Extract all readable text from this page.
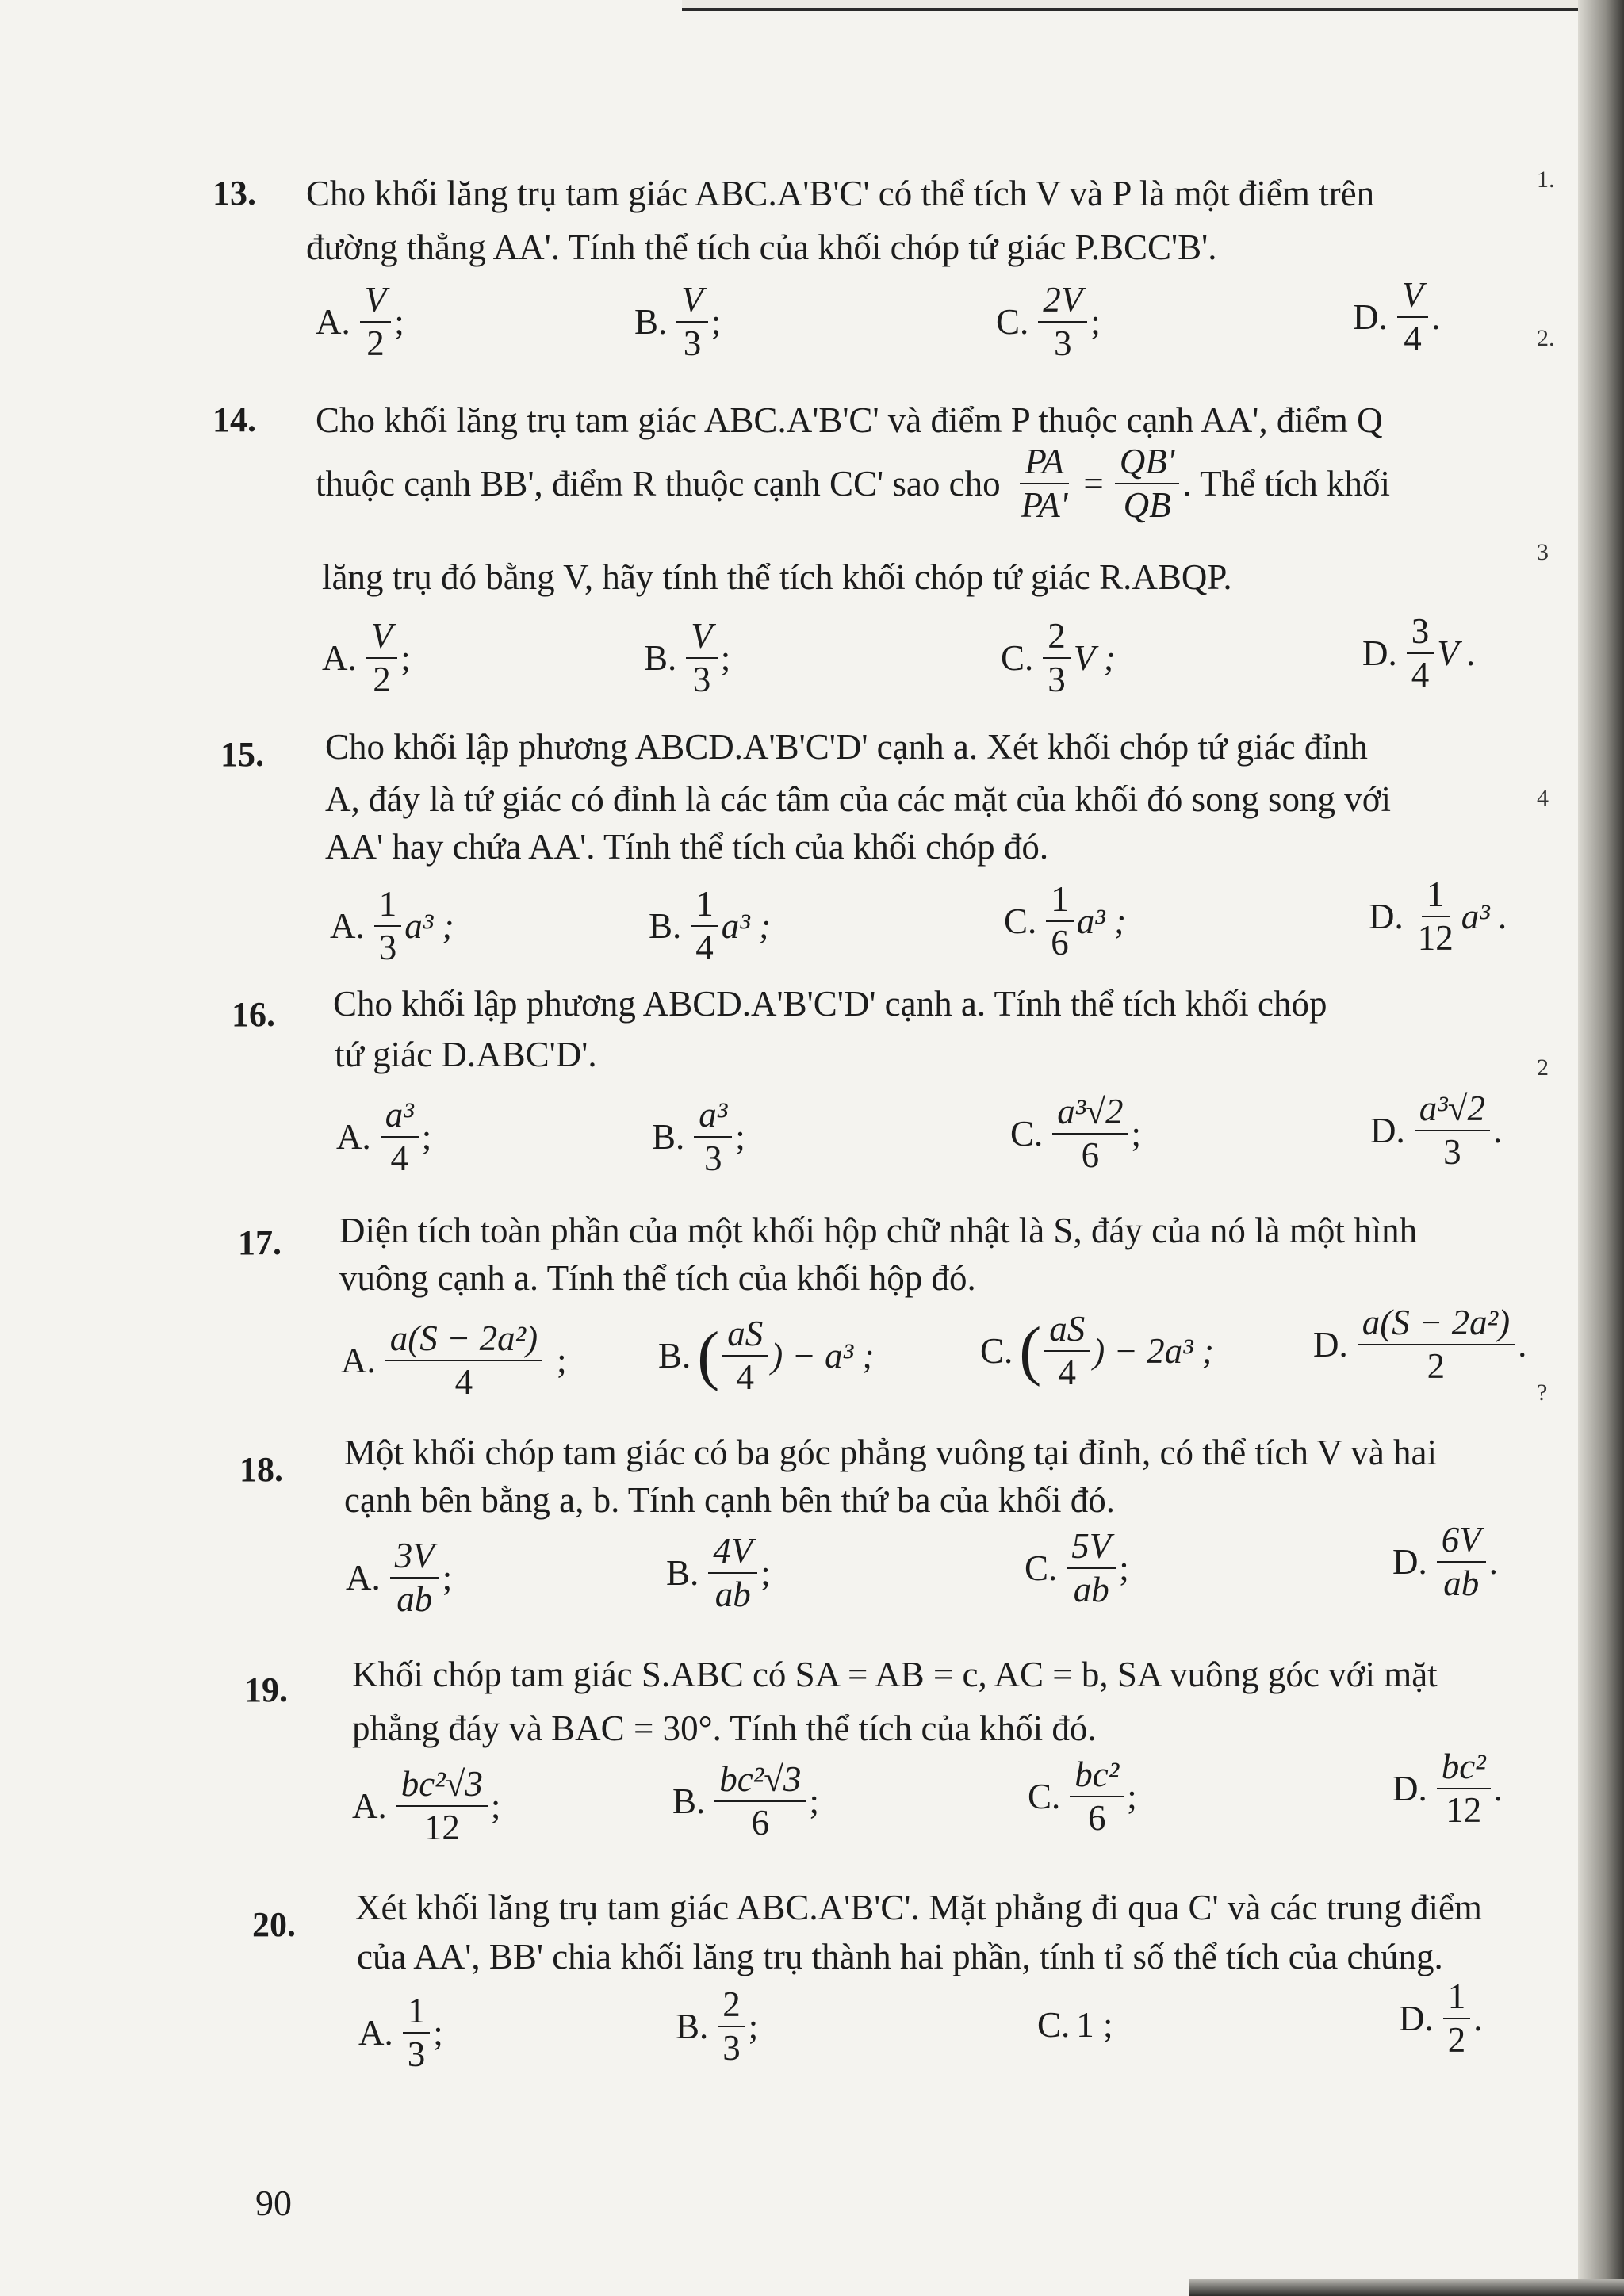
1.
2.
3
4
2
?
13. Cho khối lăng trụ tam giác ABC.A'B'C' có thể tích V và P là một điểm trên
đường thẳng AA'. Tính thể tích của khối chóp tứ giác P.BCC'B'.
A. $\frac{V}{2}$ ;	B. $\frac{V}{3}$ ;	C. $\frac{2V}{3}$ ;	D. $\frac{V}{4}$ .
14. Cho khối lăng trụ tam giác ABC.A'B'C' và điểm P thuộc cạnh AA', điểm Q
thuộc cạnh BB', điểm R thuộc cạnh CC' sao cho $\frac{PA}{PA'} = \frac{QB'}{QB}$ . Thể tích khối
lăng trụ đó bằng V, hãy tính thể tích khối chóp tứ giác R.ABQP.
A. $\frac{V}{2}$ ;	B. $\frac{V}{3}$ ;	C. $\frac{2}{3}$ V ;	D. $\frac{3}{4}$ V .
15. Cho khối lập phương ABCD.A'B'C'D' cạnh a. Xét khối chóp tứ giác đỉnh
A, đáy là tứ giác có đỉnh là các tâm của các mặt của khối đó song song với
AA' hay chứa AA'. Tính thể tích của khối chóp đó.
A. $\frac{1}{3} a^3$ ;	B. $\frac{1}{4} a^3$ ;	C. $\frac{1}{6} a^3$ ;	D. $\frac{1}{12} a^3$ .
16. Cho khối lập phương ABCD.A'B'C'D' cạnh a. Tính thể tích khối chóp
tứ giác D.ABC'D'.
A. $\frac{\text{a³}}{4}$ ;	B. $\frac{\text{a³}}{3}$ ;	C. $\frac{\text{a³√2}}{6}$ ;	D. $\frac{\text{a³√2}}{3}$ .
17. Diện tích toàn phần của một khối hộp chữ nhật là S, đáy của nó là một hình
vuông cạnh a. Tính thể tích của khối hộp đó.
A. $\frac{\text{a(S − 2a²)}}{4}$ ;	B. ( $\frac{aS}{4}$ ) − a³ ;	C. ( $\frac{aS}{4}$ ) − 2a³ ;	D. $\frac{\text{a(S − 2a²)}}{2}$ .
18. Một khối chóp tam giác có ba góc phẳng vuông tại đỉnh, có thể tích V và hai
cạnh bên bằng a, b. Tính cạnh bên thứ ba của khối đó.
A. $\frac{3V}{ab}$ ;	B. $\frac{4V}{ab}$ ;	C. $\frac{5V}{ab}$ ;	D. $\frac{6V}{ab}$ .
19. Khối chóp tam giác S.ABC có SA = AB = c, AC = b, SA vuông góc với mặt
phẳng đáy và BAC = 30°. Tính thể tích của khối đó.
A. $\frac{\text{bc²√3}}{12}$ ;	B. $\frac{\text{bc²√3}}{6}$ ;	C. $\frac{\text{bc²}}{6}$ ;	D. $\frac{\text{bc²}}{12}$ .
20. Xét khối lăng trụ tam giác ABC.A'B'C'. Mặt phẳng đi qua C' và các trung điểm
của AA', BB' chia khối lăng trụ thành hai phần, tính tỉ số thể tích của chúng.
A. $\frac{1}{3}$ ;	B. $\frac{2}{3}$ ;	C. 1 ;	D. $\frac{1}{2}$ .
90
